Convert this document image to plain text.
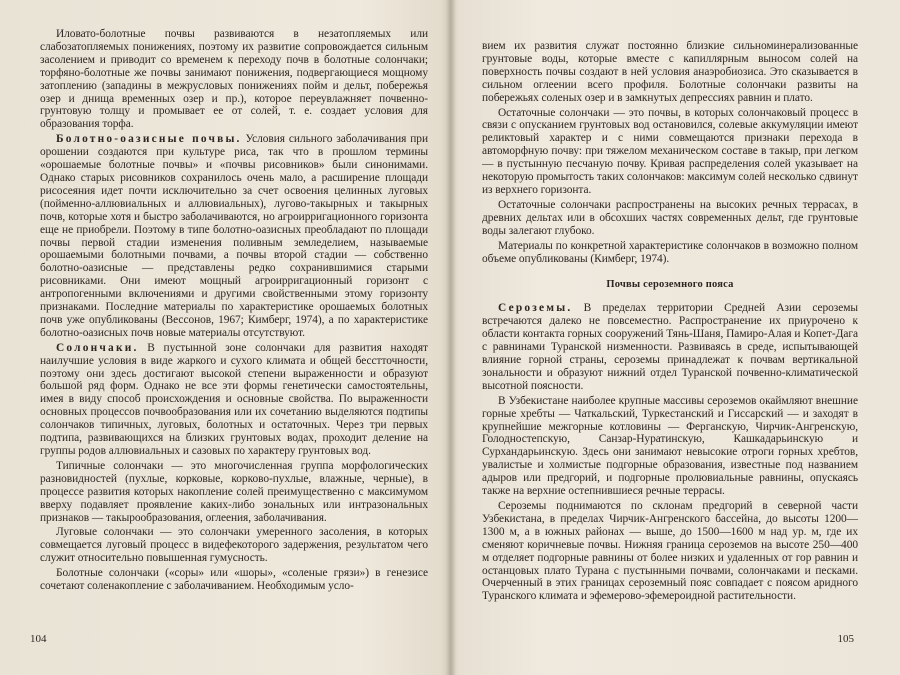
Иловато-болотные почвы развиваются в незатопляемых или слабозатопляемых понижениях, поэтому их развитие сопровождается сильным засолением и приводит со временем к переходу почв в болотные солончаки; торфяно-болотные же почвы занимают понижения, подвергающиеся мощному затоплению (западины в межрусловых понижениях пойм и дельт, побережья озер и днища временных озер и пр.), которое переувлажняет почвенно-грунтовую толщу и промывает ее от солей, т. е. создает условия для образования торфа.

Болотно-оазисные почвы. Условия сильного заболачивания при орошении создаются при культуре риса, так что в прошлом термины «орошаемые болотные почвы» и «почвы рисовников» были синонимами. Однако старых рисовников сохранилось очень мало, а расширение площади рисосеяния идет почти исключительно за счет освоения целинных луговых (пойменно-аллювиальных и аллювиальных), лугово-такырных и такырных почв, которые хотя и быстро заболачиваются, но агроирригационного горизонта еще не приобрели. Поэтому в типе болотно-оазисных преобладают по площади почвы первой стадии изменения поливным земледелием, называемые орошаемыми болотными почвами, а почвы второй стадии — собственно болотно-оазисные — представлены редко сохранившимися старыми рисовниками. Они имеют мощный агроирригационный горизонт с антропогенными включениями и другими свойственными этому горизонту признаками. Последние материалы по характеристике орошаемых болотных почв уже опубликованы (Вессонов, 1967; Кимберг, 1974), а по характеристике болотно-оазисных почв новые материалы отсутствуют.

Солончаки. В пустынной зоне солончаки для развития находят наилучшие условия в виде жаркого и сухого климата и общей бесстточности, поэтому они здесь достигают высокой степени выраженности и образуют большой ряд форм. Однако не все эти формы генетически самостоятельны, имея в виду способ происхождения и основные свойства. По выраженности основных процессов почвообразования или их сочетанию выделяются подтипы солончаков типичных, луговых, болотных и остаточных. Через три первых подтипа, развивающихся на близких грунтовых водах, проходит деление на группы родов аллювиальных и сазовых по характеру грунтовых вод.

Типичные солончаки — это многочисленная группа морфологических разновидностей (пухлые, корковые, корково-пухлые, влажные, черные), в процессе развития которых накопление солей преимущественно с максимумом вверху подавляет проявление каких-либо зональных или интразональных признаков — такырообразования, оглеения, заболачивания.

Луговые солончаки — это солончаки умеренного засоления, в которых совмещается луговый процесс в видефекоторого задержения, результатом чего служит относительно повышенная гумусность.

Болотные солончаки («соры» или «шоры», «соленые грязи») в генезисе сочетают соленакопление с заболачиванием. Необходимым усло-

104

вием их развития служат постоянно близкие сильноминерализованные грунтовые воды, которые вместе с капиллярным выносом солей на поверхность почвы создают в ней условия анаэробиозиса. Это сказывается в сильном оглеении всего профиля. Болотные солончаки развиты на побережьях соленых озер и в замкнутых депрессиях равнин и плато.

Остаточные солончаки — это почвы, в которых солончаковый процесс в связи с опусканием грунтовых вод остановился, солевые аккумуляции имеют реликтовый характер и с ними совмещаются признаки перехода в автоморфную почву: при тяжелом механическом составе в такыр, при легком — в пустынную песчаную почву. Кривая распределения солей указывает на некоторую промытость таких солончаков: максимум солей несколько сдвинут из верхнего горизонта.

Остаточные солончаки распространены на высоких речных террасах, в древних дельтах или в обсохших частях современных дельт, где грунтовые воды залегают глубоко.

Материалы по конкретной характеристике солончаков в возможно полном объеме опубликованы (Кимберг, 1974).

Почвы сероземного пояса

Сероземы. В пределах территории Средней Азии сероземы встречаются далеко не повсеместно. Распространение их приурочено к области контакта горных сооружений Тянь-Шаня, Памиро-Алая и Копет-Дага с равнинами Туранской низменности. Развиваясь в среде, испытывающей влияние горной страны, сероземы принадлежат к почвам вертикальной зональности и образуют нижний отдел Туранской почвенно-климатической высотной поясности.

В Узбекистане наиболее крупные массивы сероземов окаймляют внешние горные хребты — Чаткальский, Туркестанский и Гиссарский — и заходят в крупнейшие межгорные котловины — Ферганскую, Чирчик-Ангренскую, Голодностепскую, Санзар-Нуратинскую, Кашкадарьинскую и Сурхандарьинскую. Здесь они занимают невысокие отроги горных хребтов, увалистые и холмистые подгорные образования, известные под названием адыров или предгорий, и подгорные пролювиальные равнины, опускаясь также на верхние остепнившиеся речные террасы.

Сероземы поднимаются по склонам предгорий в северной части Узбекистана, в пределах Чирчик-Ангренского бассейна, до высоты 1200—1300 м, а в южных районах — выше, до 1500—1600 м над ур. м, где их сменяют коричневые почвы. Нижняя граница сероземов на высоте 250—400 м отделяет подгорные равнины от более низких и удаленных от гор равнин и останцовых плато Турана с пустынными почвами, солончаками и песками. Очерченный в этих границах сероземный пояс совпадает с поясом аридного Туранского климата и эфемерово-эфемероидной растительности.

105
